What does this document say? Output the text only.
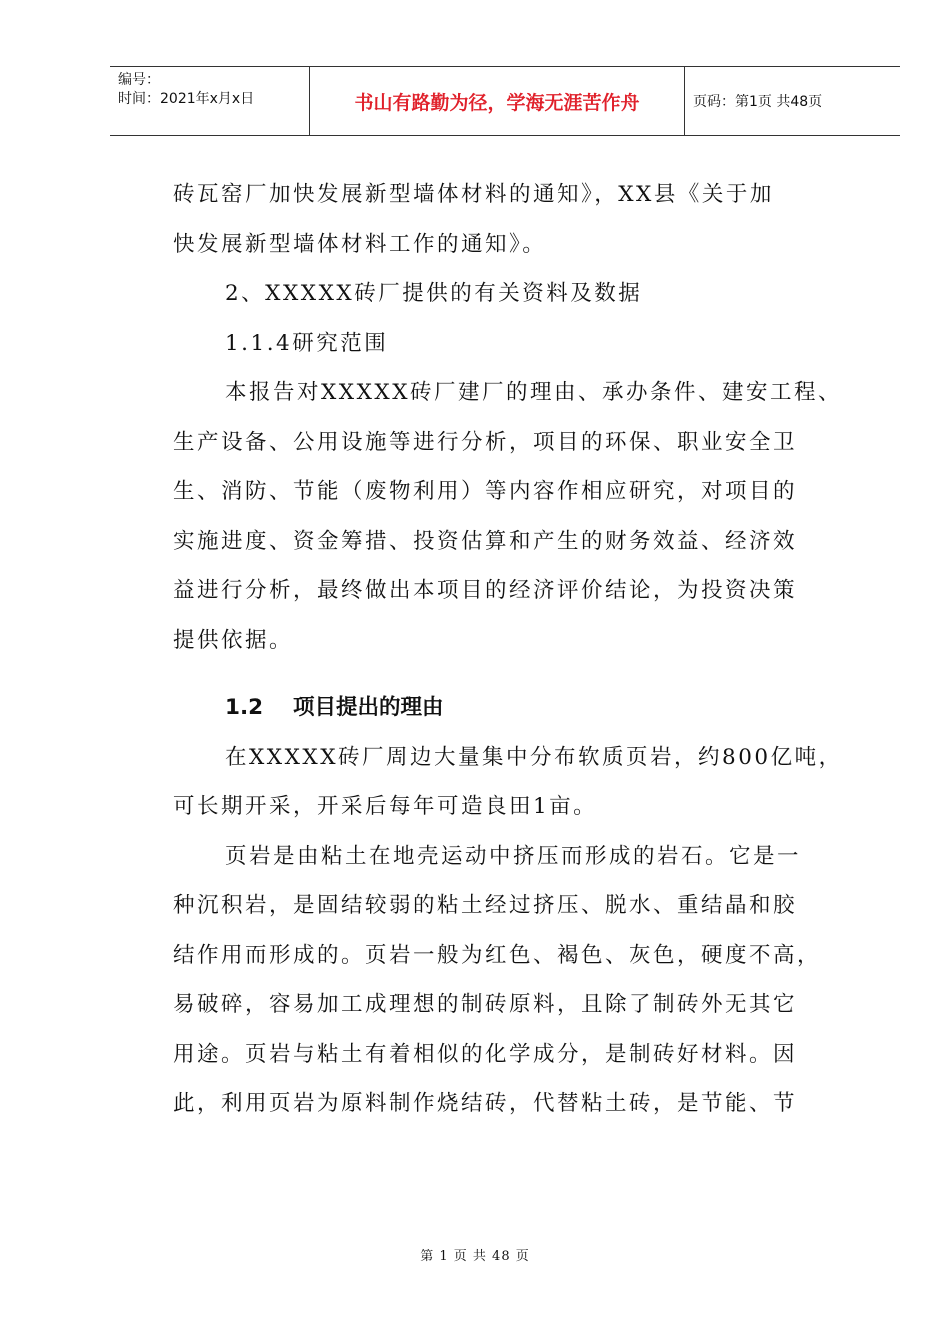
编号：
时间：2021年x月x日	书山有路勤为径，学海无涯苦作舟	页码：第1页 共48页
砖瓦窑厂加快发展新型墙体材料的通知》，XX县《关于加
快发展新型墙体材料工作的通知》。
2、XXXXX砖厂提供的有关资料及数据
1.1.4研究范围
本报告对XXXXX砖厂建厂的理由、承办条件、建安工程、
生产设备、公用设施等进行分析，项目的环保、职业安全卫
生、消防、节能（废物利用）等内容作相应研究，对项目的
实施进度、资金筹措、投资估算和产生的财务效益、经济效
益进行分析，最终做出本项目的经济评价结论，为投资决策
提供依据。
1.2 项目提出的理由
在XXXXX砖厂周边大量集中分布软质页岩，约800亿吨，
可长期开采，开采后每年可造良田1亩。
页岩是由粘土在地壳运动中挤压而形成的岩石。它是一
种沉积岩，是固结较弱的粘土经过挤压、脱水、重结晶和胶
结作用而形成的。页岩一般为红色、褐色、灰色，硬度不高，
易破碎，容易加工成理想的制砖原料，且除了制砖外无其它
用途。页岩与粘土有着相似的化学成分，是制砖好材料。因
此，利用页岩为原料制作烧结砖，代替粘土砖，是节能、节
第 1 页 共 48 页
